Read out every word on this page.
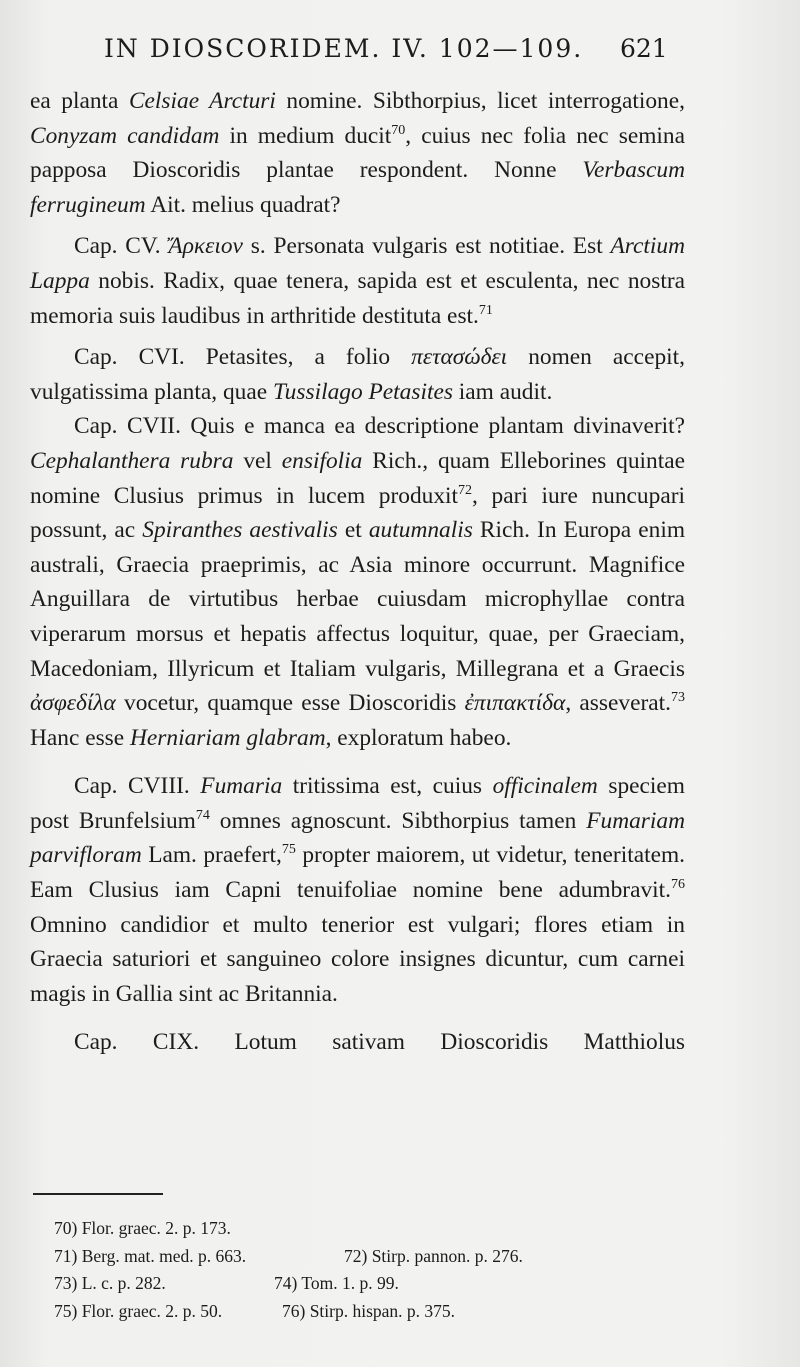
IN DIOSCORIDEM. IV. 102—109. 621

ea planta Celsiae Arcturi nomine. Sibthorpius, licet interrogatione, Conyzam candidam in medium ducit$^{70}$, cuius nec folia nec semina papposa Dioscoridis plantae respondent. Nonne Verbascum ferrugineum Ait. melius quadrat?

Cap. CV. Ἄρκειον s. Personata vulgaris est notitiae. Est Arctium Lappa nobis. Radix, quae tenera, sapida est et esculenta, nec nostra memoria suis laudibus in arthritide destituta est.$^{71}$

Cap. CVI. Petasites, a folio πετασώδει nomen accepit, vulgatissima planta, quae Tussilago Petasites iam audit.

Cap. CVII. Quis e manca ea descriptione plantam divinaverit? Cephalanthera rubra vel ensifolia Rich., quam Elleborines quintae nomine Clusius primus in lucem produxit$^{72}$, pari iure nuncupari possunt, ac Spiranthes aestivalis et autumnalis Rich. In Europa enim australi, Graecia praeprimis, ac Asia minore occurrunt. Magnifice Anguillara de virtutibus herbae cuiusdam microphyllae contra viperarum morsus et hepatis affectus loquitur, quae, per Graeciam, Macedoniam, Illyricum et Italiam vulgaris, Millegrana et a Graecis ἀσφεδίλα vocetur, quamque esse Dioscoridis ἐπιπακτίδα, asseverat.$^{73}$ Hanc esse Herniariam glabram, exploratum habeo.

Cap. CVIII. Fumaria tritissima est, cuius officinalem speciem post Brunfelsium$^{74}$ omnes agnoscunt. Sibthorpius tamen Fumariam parvifloram Lam. praefert,$^{75}$ propter maiorem, ut videtur, teneritatem. Eam Clusius iam Capni tenuifoliae nomine bene adumbravit.$^{76}$ Omnino candidior et multo tenerior est vulgari; flores etiam in Graecia saturiori et sanguineo colore insignes dicuntur, cum carnei magis in Gallia sint ac Britannia.

Cap. CIX. Lotum sativam Dioscoridis Matthiolus

70) Flor. graec. 2. p. 173.
71) Berg. mat. med. p. 663.	72) Stirp. pannon. p. 276.
73) L. c. p. 282.	74) Tom. 1. p. 99.
75) Flor. graec. 2. p. 50.	76) Stirp. hispan. p. 375.
